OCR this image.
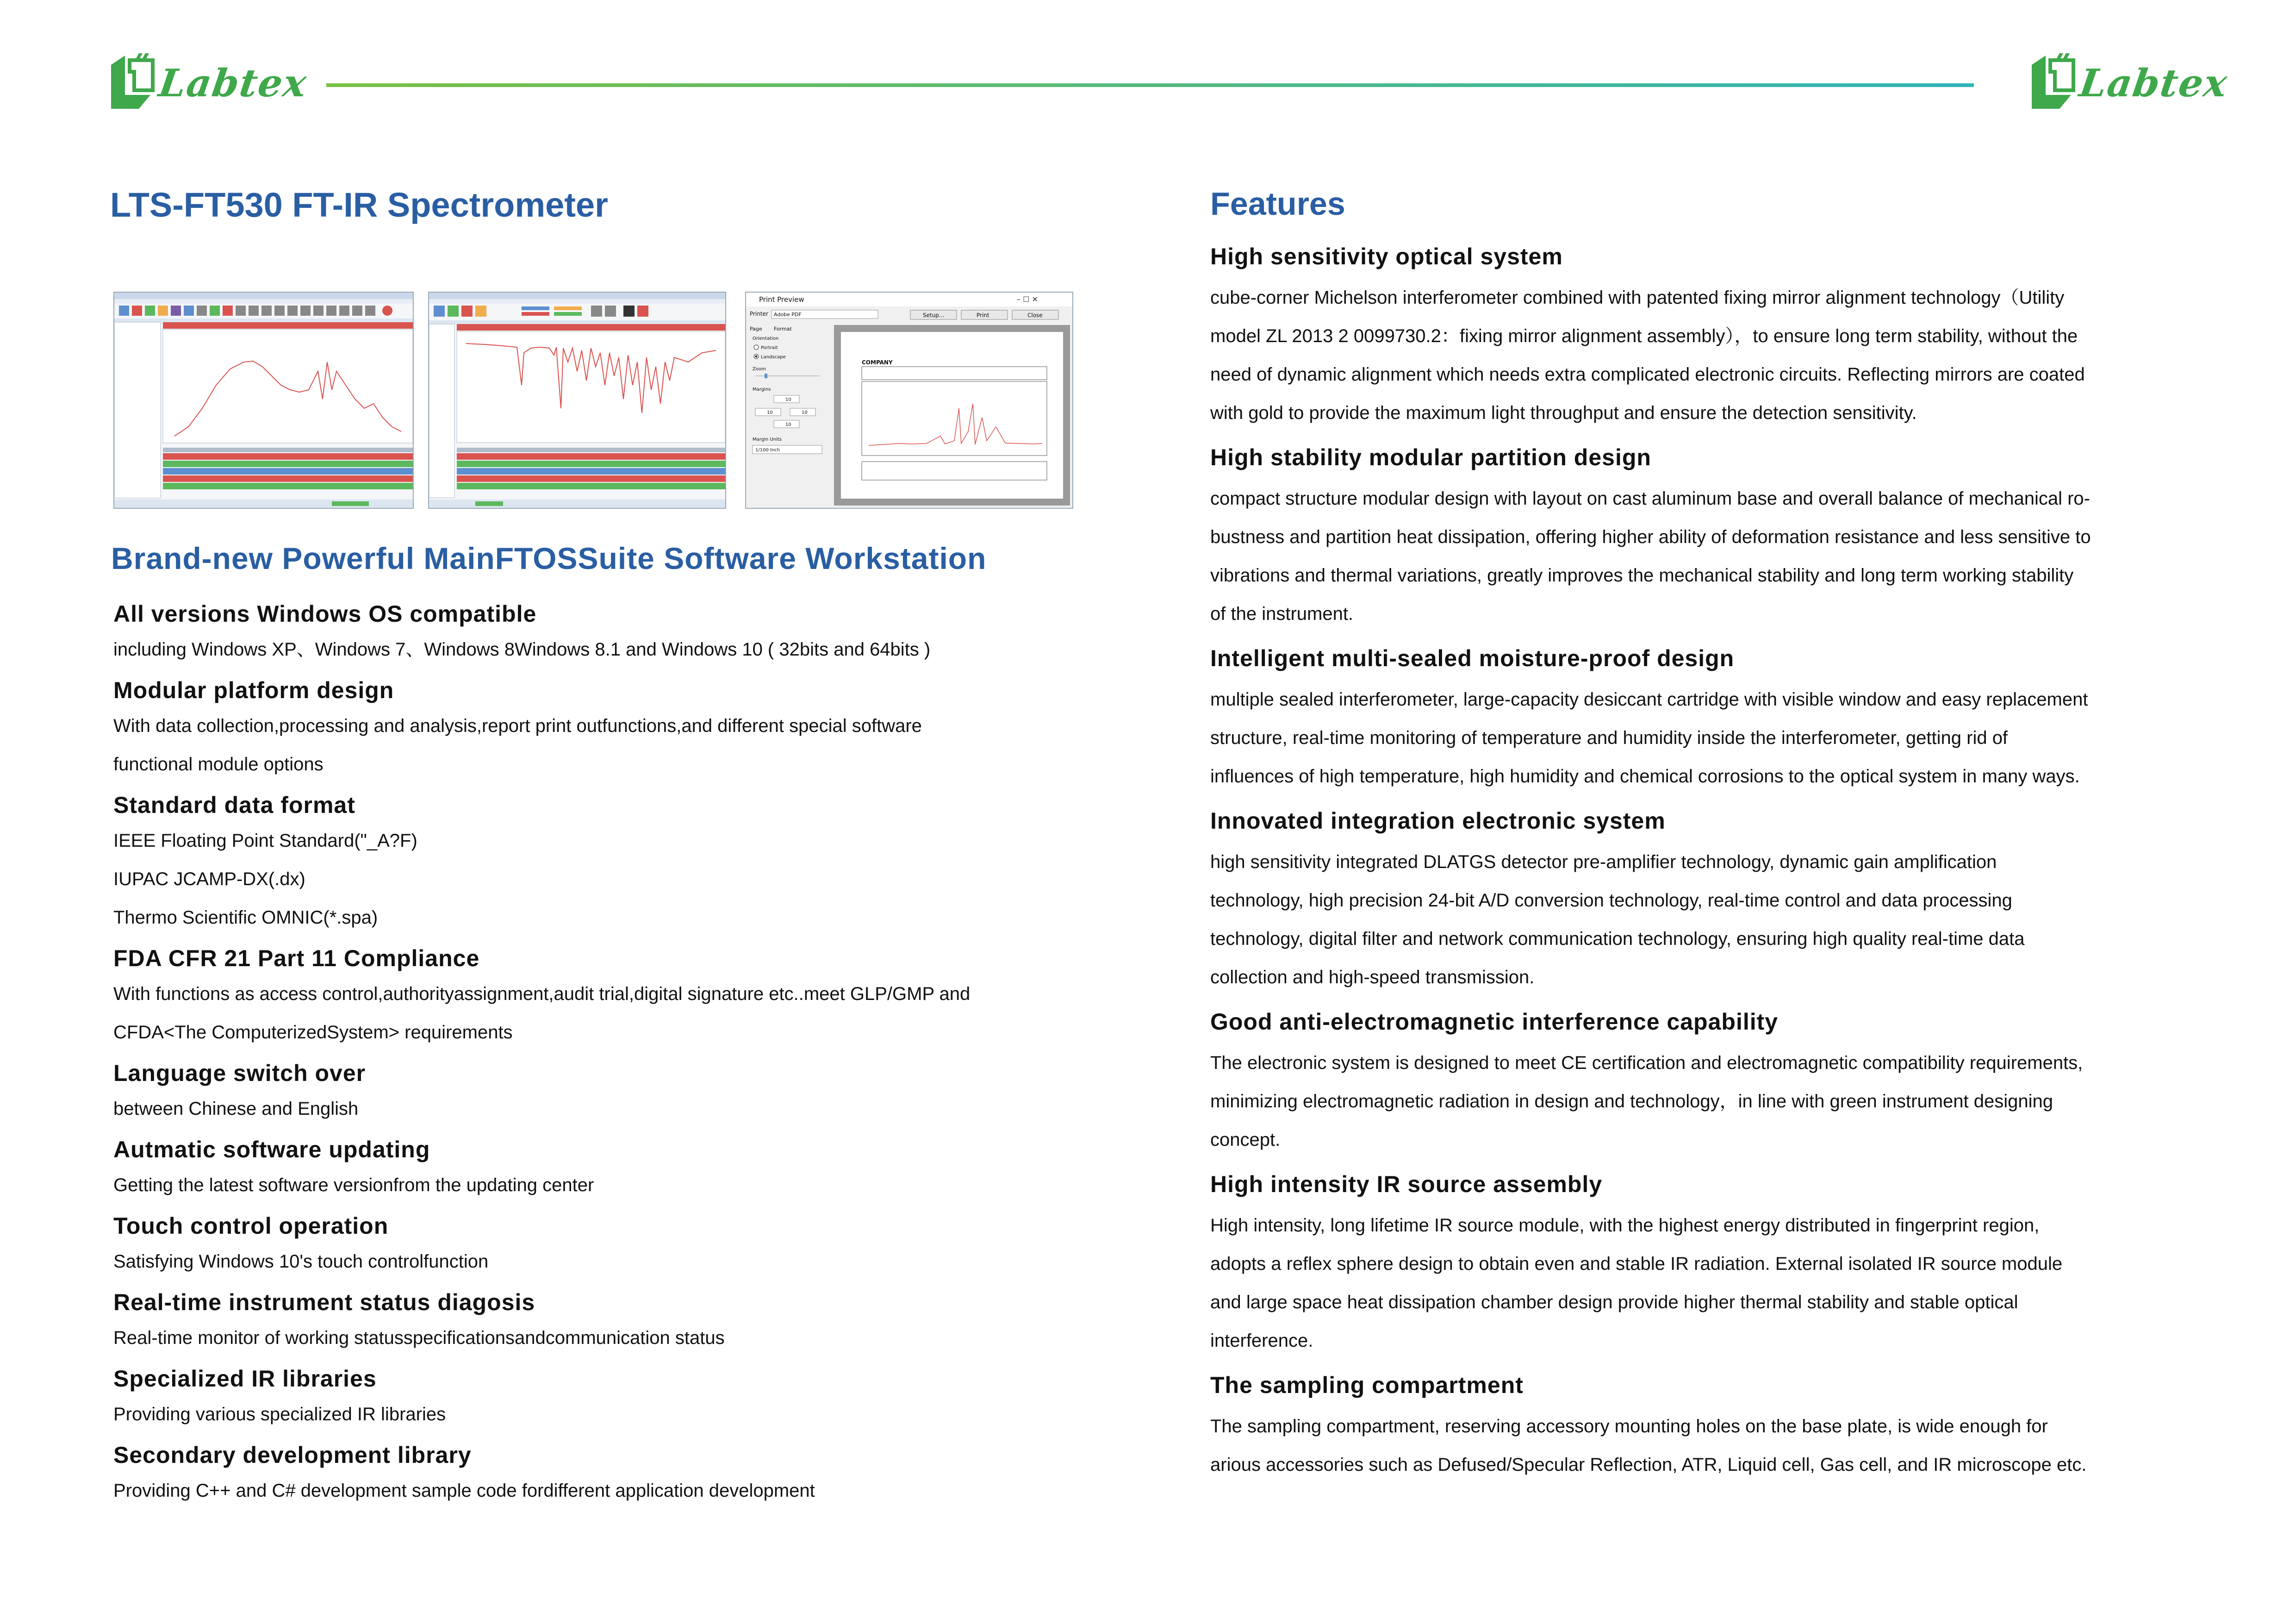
Labtex	Labtex
LTS-FT530 FT-IR Spectrometer	Features
Brand-new Powerful MainFTOSSuite Software Workstation
Print Preview	– ☐ ✕
Printer Adobe PDF	Setup...	Print	Close
Page Format
Orientation
Portrait
Landscape
Zoom
Margins
10
10	10
10
Margin Units
1/100 Inch
COMPANY
All versions Windows OS compatible
including Windows XP、Windows 7、Windows 8Windows 8.1 and Windows 10 ( 32bits and 64bits )
Modular platform design
With data collection,processing and analysis,report print outfunctions,and different special software
functional module options
Standard data format
IEEE Floating Point Standard("_A?F)
IUPAC JCAMP-DX(.dx)
Thermo Scientific OMNIC(*.spa)
FDA CFR 21 Part 11 Compliance
With functions as access control,authorityassignment,audit trial,digital signature etc..meet GLP/GMP and
CFDA<The ComputerizedSystem> requirements
Language switch over
between Chinese and English
Autmatic software updating
Getting the latest software versionfrom the updating center
Touch control operation
Satisfying Windows 10's touch controlfunction
Real-time instrument status diagosis
Real-time monitor of working statusspecificationsandcommunication status
Specialized IR libraries
Providing various specialized IR libraries
Secondary development library
Providing C++ and C# development sample code fordifferent application development
High sensitivity optical system
cube-corner Michelson interferometer combined with patented fixing mirror alignment technology（Utility
model ZL 2013 2 0099730.2：fixing mirror alignment assembly），to ensure long term stability, without the
need of dynamic alignment which needs extra complicated electronic circuits. Reflecting mirrors are coated
with gold to provide the maximum light throughput and ensure the detection sensitivity.
High stability modular partition design
compact structure modular design with layout on cast aluminum base and overall balance of mechanical ro-
bustness and partition heat dissipation, offering higher ability of deformation resistance and less sensitive to
vibrations and thermal variations, greatly improves the mechanical stability and long term working stability
of the instrument.
Intelligent multi-sealed moisture-proof design
multiple sealed interferometer, large-capacity desiccant cartridge with visible window and easy replacement
structure, real-time monitoring of temperature and humidity inside the interferometer, getting rid of
influences of high temperature, high humidity and chemical corrosions to the optical system in many ways.
Innovated integration electronic system
high sensitivity integrated DLATGS detector pre-amplifier technology, dynamic gain amplification
technology, high precision 24-bit A/D conversion technology, real-time control and data processing
technology, digital filter and network communication technology, ensuring high quality real-time data
collection and high-speed transmission.
Good anti-electromagnetic interference capability
The electronic system is designed to meet CE certification and electromagnetic compatibility requirements,
minimizing electromagnetic radiation in design and technology，in line with green instrument designing
concept.
High intensity IR source assembly
High intensity, long lifetime IR source module, with the highest energy distributed in fingerprint region,
adopts a reflex sphere design to obtain even and stable IR radiation. External isolated IR source module
and large space heat dissipation chamber design provide higher thermal stability and stable optical
interference.
The sampling compartment
The sampling compartment, reserving accessory mounting holes on the base plate, is wide enough for
arious accessories such as Defused/Specular Reflection, ATR, Liquid cell, Gas cell, and IR microscope etc.
